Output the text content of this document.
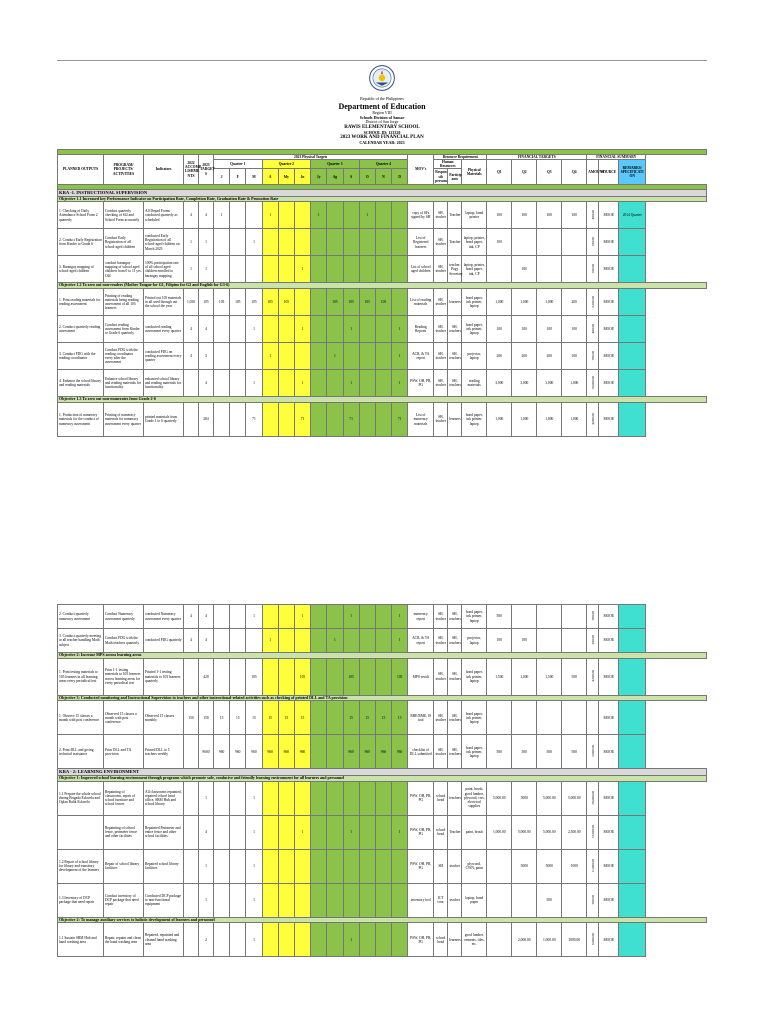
Republic of the Philippines
Department of Education
Region VIII
Schools Division of Samar
District of San Jorge
RAWIS ELEMENTARY SCHOOL
SCHOOL ID: 123320
2023 WORK AND FINANCIAL PLAN
CALENDAR YEAR: 2023

PLANNED OUTPUTS	PROGRAM/ PROJECTS/ ACTIVITIES	Indicators	2022 ACCOMP LISHME NTS	2023 TARGET S	2023 Physical Targets												MOV's	Resource Requirement			FINANCIAL TARGETS				FINANCIAL SUMMARY		
					Quarter 1			Quarter 2			Quarter 3			Quarter 4				Human Resources		Physical Materials	Q1	Q2	Q3	Q4	AMOUNT	SOURCE	REMARKS/ SPECIFICATI ON
					J	F	M	A	My	Jn	Jy	Ag	S	O	N	D		Respon sib persons	Particip ants								

KRA -1. INSTRUCTIONAL SUPERVISION																											
Objective 1.1 Increased key Performance Indicator on Participation Rate, Completion Rate, Graduation Rate & Promotion Rate																											
1. Checking of Daily Attendance School Form 2 quarterly	Conduct quarterly checking of Sf2 and School Form accurately	All Depad Forms conducted quarterly as scheduled	4	4	1			1			1			1			copy of SFs signed by SH	SH, teacher	Teacher	laptop, bond printer	100	100	100	100	400.00	MOOE	2014 Quarter
2. Conduct Early Registration from Kinder to Grade 6	Conduct Early Registration of all school-aged children	conducted Early Registration of all school-aged children on March 2023	1	1			1										List of Registered learners	SH, teacher	Teacher	laptop, printer, bond paper, ink, CP	100				100.00	MOOE	
3. Barangay mapping of school-aged children	conduct barangay mapping of school aged children from 0 to 11 yrs. Old	100% participation rate of all school aged children enrolled to barangay mapping	1	1						1							List of school aged children	SH, teacher	teacher, Brgy Secretary	laptop, printer, bond paper, ink, CP		100			100.00	MOOE	
Objective 1.2 To zero out non-readers (Mother Tongue for G1, Filipino for G2 and English for G3-6)																											
1. Print reading materials for reading assessment	Printing of reading materials being reading assessment of all 105 learners	Printed out 105 materials in all used through out the school the year	1,050	105	105	105	105	105	105			105	105	105	105		List of reading materials	SH, teacher	learners	bond paper, ink printer, laptop	1,000	1,000	1,000	200	3,200.00	MOOE	
2. Conduct quarterly reading assessment	Conduct reading assessment from Kinder to Grade 6 quarterly	conducted reading assessment every quarter	4	4			1			1			1			1	Reading Reports	SH, teacher	SH, teachers	bond paper, ink printer, laptop	100	100	100	100	400.00	MOOE	
3. Conduct FDG with the reading coordinator	Conduct FDG with the reading coordinator every after the assessment	conducted FDG on reading assessment every quarter	4	3				1				1				1	ACR, & TA report	SH, teacher	SH, teachers	projector, laptop	200	200	200	100	700.00	MOOE	
4. Enhance the school library and reading materials	Enhance school library and reading materials for functionality	enhanced school library and reading materials for functionality		4			1			1			1			1	PSW, OH, PR, PG	SH, teacher	SH, teachers	reading materials	3,000	3,000	3,000	1,000	10,000.00	MOOE	
Objective 1.3 To zero out non-numerates from Grade 2-6																											
1. Production of numeracy materials for the conduct of numeracy assessment	Printing of numeracy materials for numeracy assessment every quarter	printed materials from Grade 1 to 6 quarterly		284			71			71			71			71	List of numeracy materials	SH, teacher	learners	bond paper, ink printer, laptop	1,000	1,000	1,000	1,000	4,000.00	MOOE	
2. Conduct quarterly numeracy assessment	Conduct Numeracy assessment quarterly	conducted Numeracy assessment every quarter	4	4			1			1			1			1	numeracy report	SH, teacher	SH, teachers	bond paper, ink printer, laptop	500				500.00	MOOE	
3. Conduct quarterly meeting to all teacher handling Math subject	Conduct FDG with the Math teachers quarterly	conducted FDG quarterly	4	4				1				1				1	ACR, & TA report	SH, teacher	SH, teachers	projector, laptop	100	100			200.00	MOOE	
Objective 2: Increase MPS across learning areas																											
1. Print testing materials to 105 learners in all learning areas every periodical test	Print 1-1 testing materials to 105 learners across learning areas for every periodical test	Printed 1-1 testing materials to 105 learners quarterly		420			105			105			105			105	MPS result	SH, teacher	SH, teachers	bond paper, ink printer, laptop	1,500	1,000	1,500	500	4,500.00	MOOE	
Objective 3: Conducted monitoring and Instructional Supervision to teachers and other instructional-related activities such as checking of printed DLL and TA provision																											
1. Observe 15 classes a month with post conference	Observed 15 classes a month with post conference	Observed 15 classes monthly	150	150	15	15	15	15	15	15			15	15	15	15	RBE/RME, IS tool	SH, teacher	SH, teachers	bond paper, ink printer, laptop						MOOE	
2. Print DLL and giving technical assistance	Print DLL and TA provision	Printed DLL to 5 teachers weekly		9600	960	960	960	960	960	960			960	960	960	960	checklist of DLL submitted	SH, teacher	SH, teachers	bond paper, ink printer, laptop	500	500	500	500	2,000.00	MOOE	
KRA - 2: LEARNING ENVIRONMENT																											
Objective 1: Improved school learning environment through programs which promote safe, conducive and friendly learning environment for all learners and personnel																											
1.1 Prepare the whole school during Brigada Eskwela and Oplan Balik Eskwela	Repainting of classrooms, repair of school furniture and school fences	All classrooms repainted, repaired school head office, SBM Hub and school library		1			1										PSW, OH, PR, PG	school head	teachers	paint, brush, good lumber, plywood, cws, electrical supplies	5,000.00	5000	5,000.00	5,000.00	20,000.00	MOOE	
	Repainting of school fence, perimeter fence and other facilities	Repainted Perimeter and entire fence and other school facilities		4			1			1			1			1	PSW, OH, PR, PG	school head	Teacher	paint, brush	1,000.00	5,000.00	5,000.00	2,500.00	13,500.00	MOOE	
1.2 Repair of school library for library and transitory development of the learners	Repair of school library facilities	Repaired school library facilities		1			1										PSW, OH, PR, PG	SH	teacher	plywood, CWN, paint		5000	5000	1000	11,000.00	MOOE	
1.3 Inventory of DCP package that need repair	Conduct inventory of DCP package that need repair	Conducted DCP package to non-functional equipment		1			1										inventory tool	ICT coor.	teacher	laptop, bond paper			500		500.00	MOOE	
Objective 2: To manage auxiliary services to holistic development of learners and personnel																											
1.1 Sustain SBM Hub and hand washing area	Repair, repaint and clean the hand washing area	Repaired, repainted and cleaned hand washing area		2			1						1				PSW, OH, PR, PG	school head	learners	good lumber, cements, tiles, etc.		2,000.00	1,000.00	3000.00	6,000.00	MOOE	
